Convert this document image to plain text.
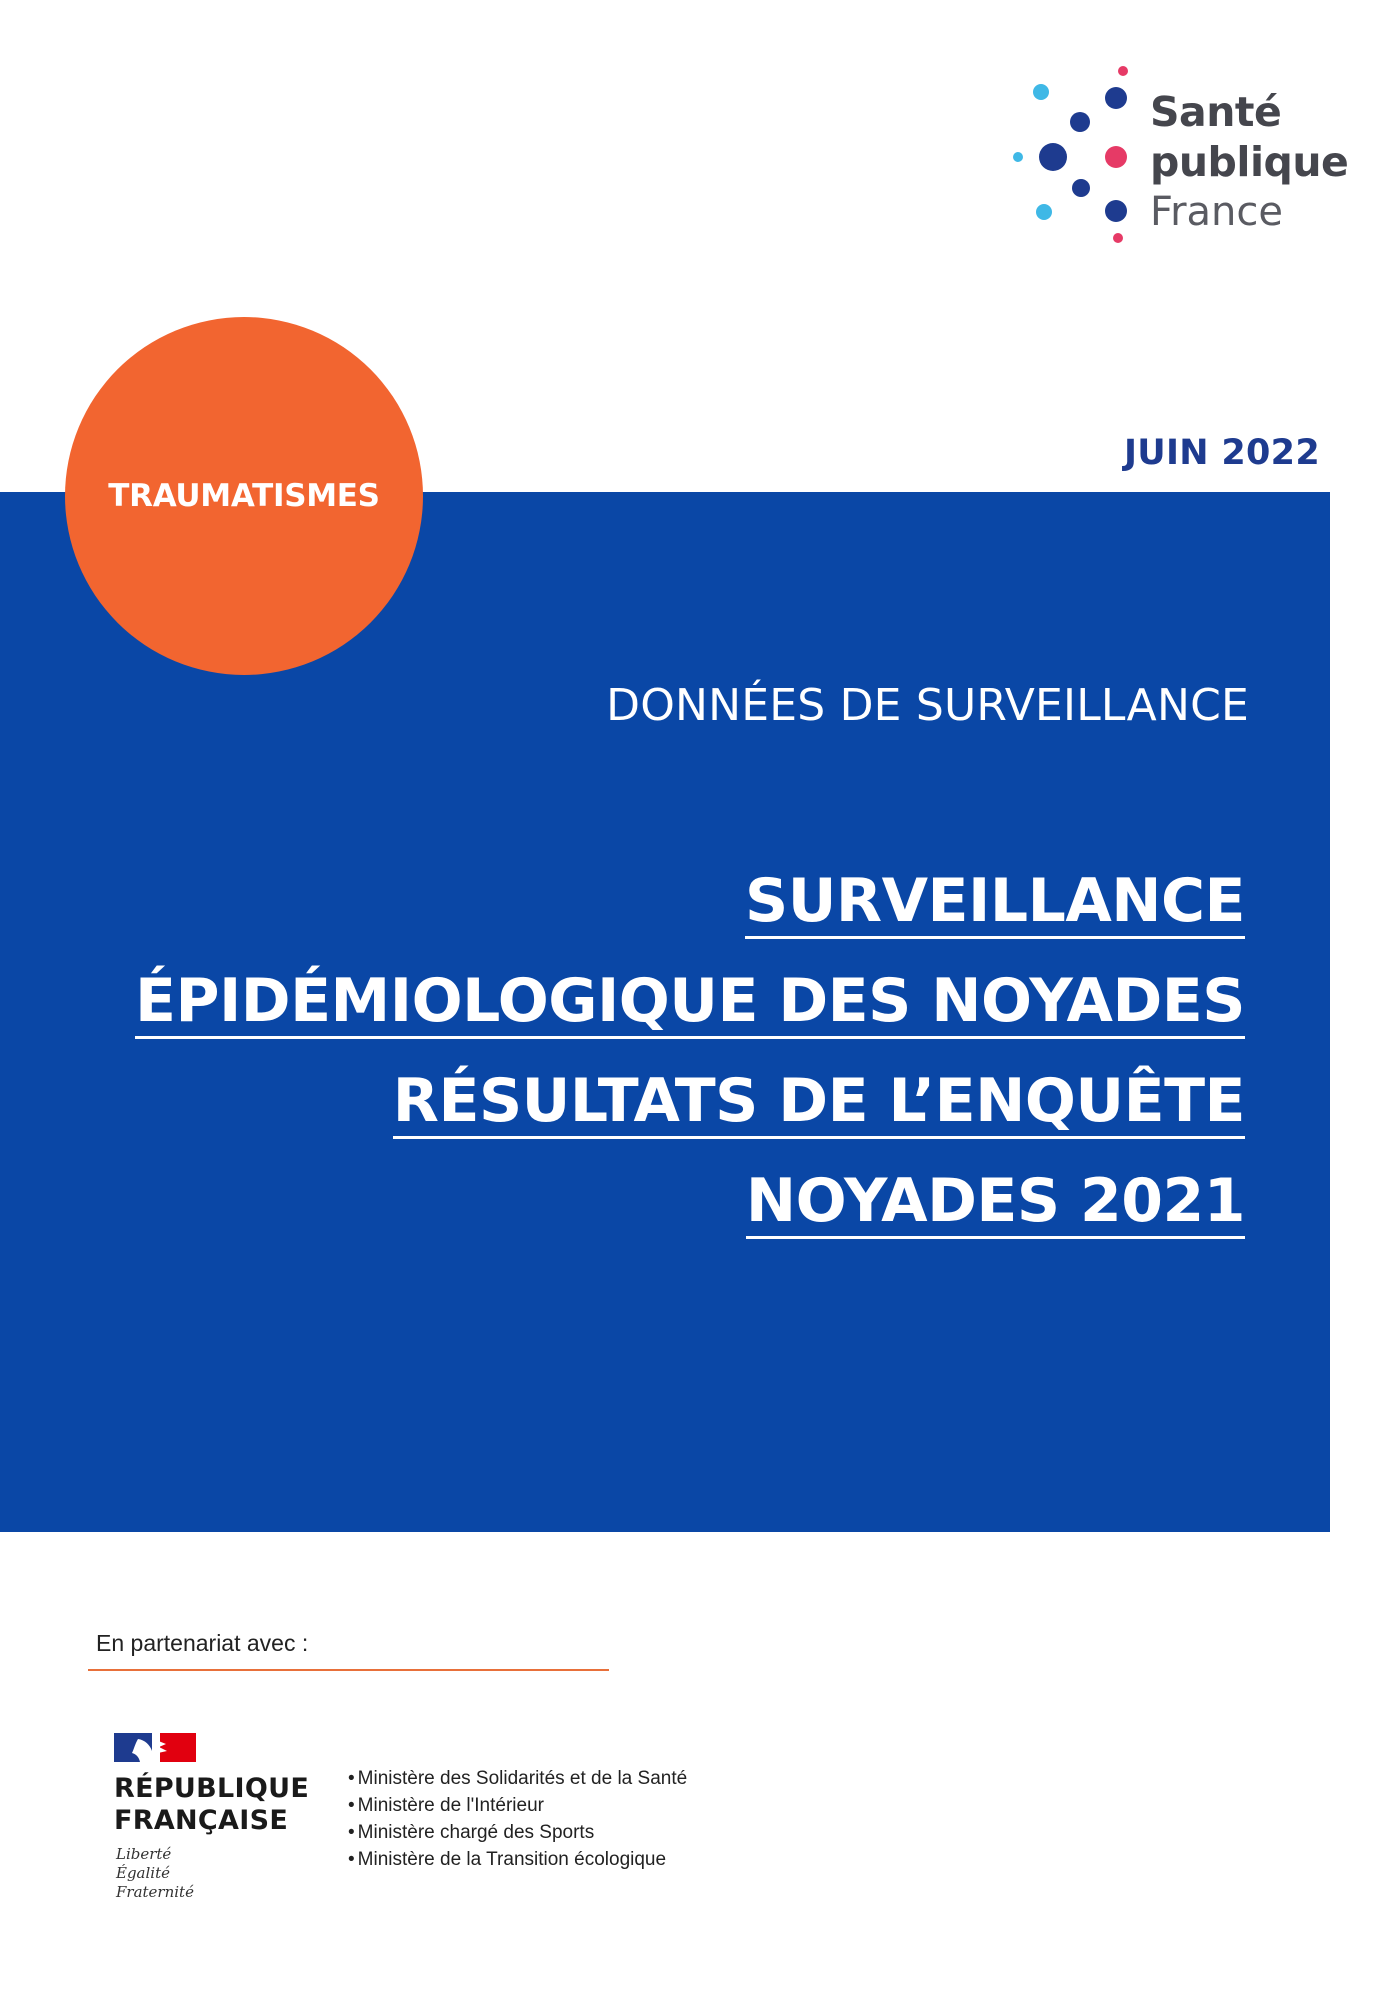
Santé
publique
France
JUIN 2022
TRAUMATISMES
DONNÉES DE SURVEILLANCE
SURVEILLANCE
ÉPIDÉMIOLOGIQUE DES NOYADES
RÉSULTATS DE L’ENQUÊTE
NOYADES 2021
En partenariat avec :
RÉPUBLIQUE
FRANÇAISE
Liberté
Égalité
Fraternité
• Ministère des Solidarités et de la Santé
• Ministère de l'Intérieur
• Ministère chargé des Sports
• Ministère de la Transition écologique
